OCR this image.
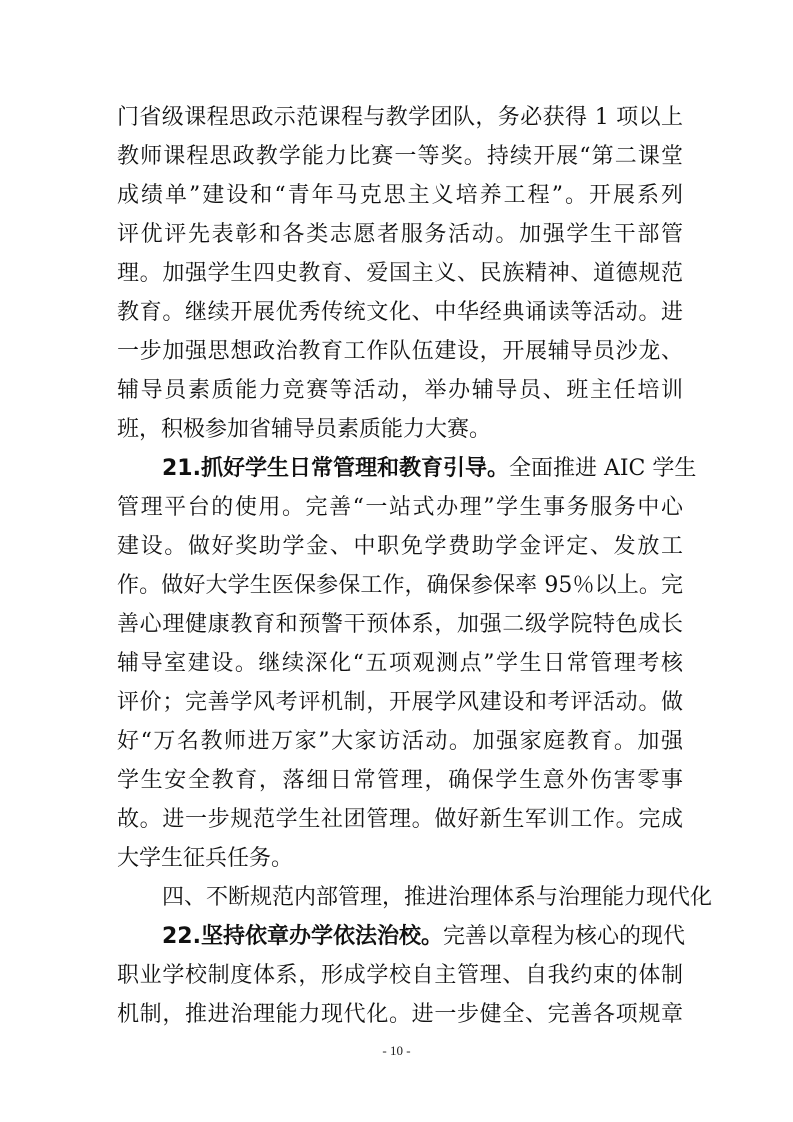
门省级课程思政示范课程与教学团队，务必获得 1 项以上
教师课程思政教学能力比赛一等奖。持续开展“第二课堂
成绩单”建设和“青年马克思主义培养工程”。开展系列
评优评先表彰和各类志愿者服务活动。加强学生干部管
理。加强学生四史教育、爱国主义、民族精神、道德规范
教育。继续开展优秀传统文化、中华经典诵读等活动。进
一步加强思想政治教育工作队伍建设，开展辅导员沙龙、
辅导员素质能力竞赛等活动，举办辅导员、班主任培训
班，积极参加省辅导员素质能力大赛。
21.抓好学生日常管理和教育引导。全面推进 AIC 学生
管理平台的使用。完善“一站式办理”学生事务服务中心
建设。做好奖助学金、中职免学费助学金评定、发放工
作。做好大学生医保参保工作，确保参保率 95％以上。完
善心理健康教育和预警干预体系，加强二级学院特色成长
辅导室建设。继续深化“五项观测点”学生日常管理考核
评价；完善学风考评机制，开展学风建设和考评活动。做
好“万名教师进万家”大家访活动。加强家庭教育。加强
学生安全教育，落细日常管理，确保学生意外伤害零事
故。进一步规范学生社团管理。做好新生军训工作。完成
大学生征兵任务。
四、不断规范内部管理，推进治理体系与治理能力现代化
22.坚持依章办学依法治校。完善以章程为核心的现代
职业学校制度体系，形成学校自主管理、自我约束的体制
机制，推进治理能力现代化。进一步健全、完善各项规章
- 10 -
